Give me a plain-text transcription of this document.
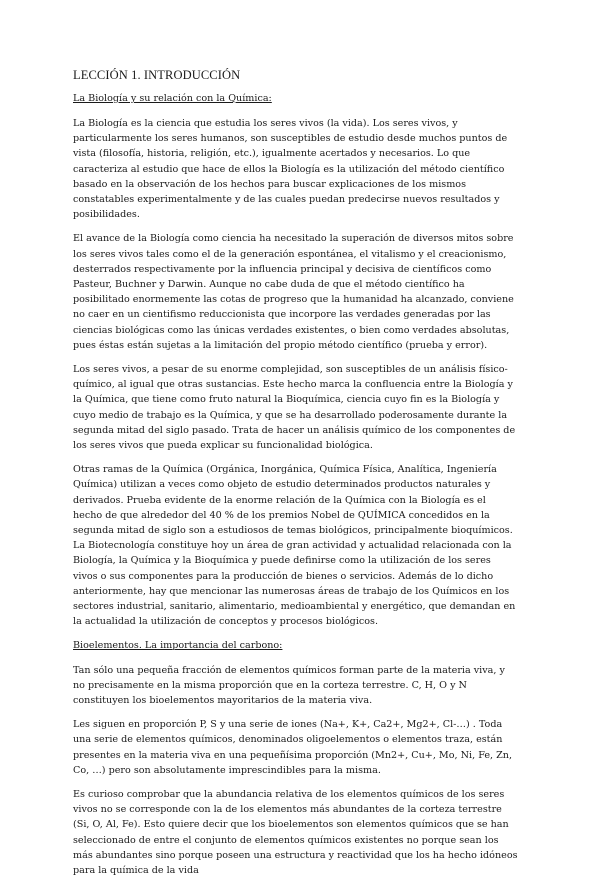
LECCIÓN 1. INTRODUCCIÓN
La Biología y su relación con la Química:

La Biología es la ciencia que estudia los seres vivos (la vida). Los seres vivos, y particularmente los seres humanos, son susceptibles de estudio desde muchos puntos de vista (filosofía, historia, religión, etc.), igualmente acertados y necesarios. Lo que caracteriza al estudio que hace de ellos la Biología es la utilización del método científico basado en la observación de los hechos para buscar explicaciones de los mismos constatables experimentalmente y de las cuales puedan predecirse nuevos resultados y posibilidades.

El avance de la Biología como ciencia ha necesitado la superación de diversos mitos sobre los seres vivos tales como el de la generación espontánea, el vitalismo y el creacionismo, desterrados respectivamente por la influencia principal y decisiva de científicos como Pasteur, Buchner y Darwin. Aunque no cabe duda de que el método científico ha posibilitado enormemente las cotas de progreso que la humanidad ha alcanzado, conviene no caer en un cientifismo reduccionista que incorpore las verdades generadas por las ciencias biológicas como las únicas verdades existentes, o bien como verdades absolutas, pues éstas están sujetas a la limitación del propio método científico (prueba y error).

Los seres vivos, a pesar de su enorme complejidad, son susceptibles de un análisis físico-químico, al igual que otras sustancias. Este hecho marca la confluencia entre la Biología y la Química, que tiene como fruto natural la Bioquímica, ciencia cuyo fin es la Biología y cuyo medio de trabajo es la Química, y que se ha desarrollado poderosamente durante la segunda mitad del siglo pasado. Trata de hacer un análisis químico de los componentes de los seres vivos que pueda explicar su funcionalidad biológica.

Otras ramas de la Química (Orgánica, Inorgánica, Química Física, Analítica, Ingeniería Química) utilizan a veces como objeto de estudio determinados productos naturales y derivados. Prueba evidente de la enorme relación de la Química con la Biología es el hecho de que alrededor del 40 % de los premios Nobel de QUÍMICA concedidos en la segunda mitad de siglo son a estudiosos de temas biológicos, principalmente bioquímicos. La Biotecnología constituye hoy un área de gran actividad y actualidad relacionada con la Biología, la Química y la Bioquímica y puede definirse como la utilización de los seres vivos o sus componentes para la producción de bienes o servicios. Además de lo dicho anteriormente, hay que mencionar las numerosas áreas de trabajo de los Químicos en los sectores industrial, sanitario, alimentario, medioambiental y energético, que demandan en la actualidad la utilización de conceptos y procesos biológicos.

Bioelementos. La importancia del carbono:

Tan sólo una pequeña fracción de elementos químicos forman parte de la materia viva, y no precisamente en la misma proporción que en la corteza terrestre. C, H, O y N constituyen los bioelementos mayoritarios de la materia viva.

Les siguen en proporción P, S y una serie de iones (Na+, K+, Ca2+, Mg2+, Cl-…) . Toda una serie de elementos químicos, denominados oligoelementos o elementos traza, están presentes en la materia viva en una pequeñísima proporción (Mn2+, Cu+, Mo, Ni, Fe, Zn, Co, …) pero son absolutamente imprescindibles para la misma.

Es curioso comprobar que la abundancia relativa de los elementos químicos de los seres vivos no se corresponde con la de los elementos más abundantes de la corteza terrestre (Si, O, Al, Fe). Esto quiere decir que los bioelementos son elementos químicos que se han seleccionado de entre el conjunto de elementos químicos existentes no porque sean los más abundantes sino porque poseen una estructura y reactividad que los ha hecho idóneos para la química de la vida
